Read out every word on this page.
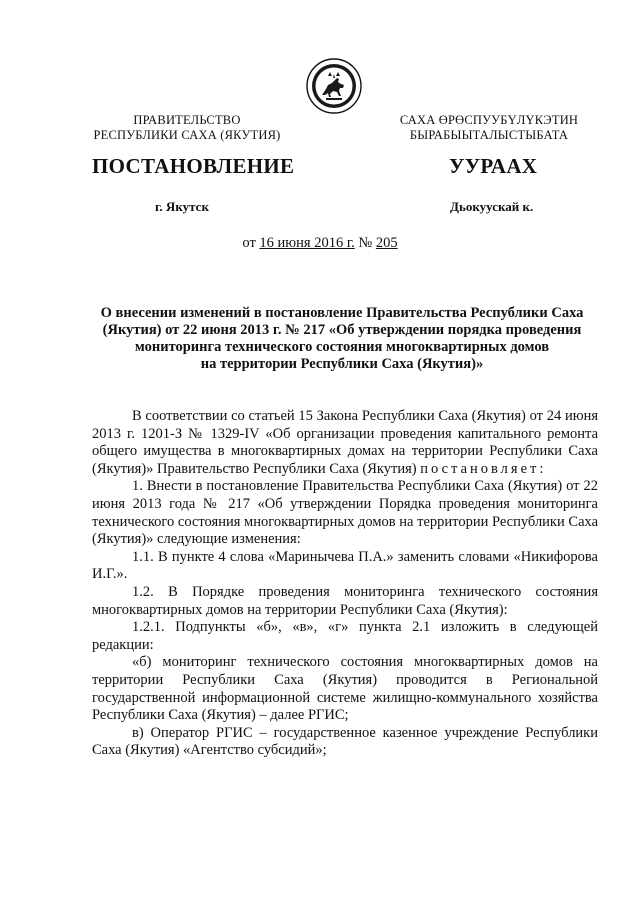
ПРАВИТЕЛЬСТВО
РЕСПУБЛИКИ САХА (ЯКУТИЯ)
САХА ӨРӨСПУУБҮЛҮКЭТИН
БЫРАБЫЫТАЛЫСТЫБАТА
ПОСТАНОВЛЕНИЕ	УУРААХ
г. Якутск	Дьокуускай к.
от 16 июня 2016 г. № 205
О внесении изменений в постановление Правительства Республики Саха
(Якутия) от 22 июня 2013 г. № 217 «Об утверждении порядка проведения
мониторинга технического состояния многоквартирных домов
на территории Республики Саха (Якутия)»

В соответствии со статьей 15 Закона Республики Саха (Якутия) от 24 июня 2013 г. 1201-З № 1329-IV «Об организации проведения капитального ремонта общего имущества в многоквартирных домах на территории Республики Саха (Якутия)» Правительство Республики Саха (Якутия) постановляет:

1. Внести в постановление Правительства Республики Саха (Якутия) от 22 июня 2013 года № 217 «Об утверждении Порядка проведения мониторинга технического состояния многоквартирных домов на территории Республики Саха (Якутия)» следующие изменения:

1.1. В пункте 4 слова «Маринычева П.А.» заменить словами «Никифорова И.Г.».

1.2. В Порядке проведения мониторинга технического состояния многоквартирных домов на территории Республики Саха (Якутия):

1.2.1. Подпункты «б», «в», «г» пункта 2.1 изложить в следующей редакции:

«б) мониторинг технического состояния многоквартирных домов на территории Республики Саха (Якутия) проводится в Региональной государственной информационной системе жилищно-коммунального хозяйства Республики Саха (Якутия) – далее РГИС;

в) Оператор РГИС – государственное казенное учреждение Республики Саха (Якутия) «Агентство субсидий»;
